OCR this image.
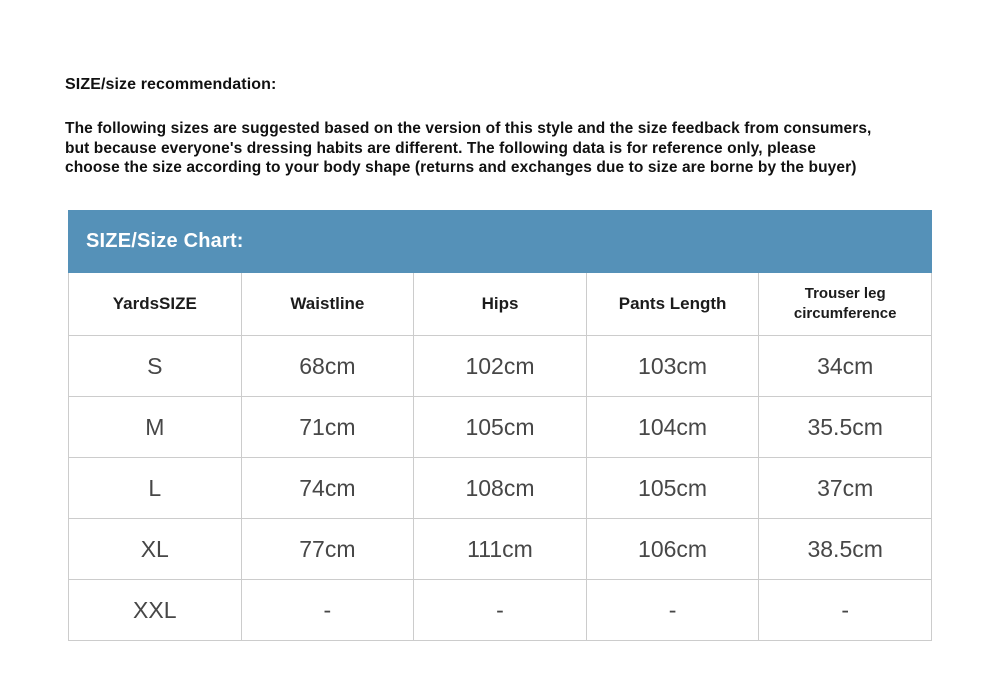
SIZE/size recommendation:
The following sizes are suggested based on the version of this style and the size feedback from consumers,
but because everyone's dressing habits are different. The following data is for reference only, please
choose the size according to your body shape (returns and exchanges due to size are borne by the buyer)
SIZE/Size Chart:
YardsSIZE	Waistline	Hips	Pants Length	Trouser leg circumference
S	68cm	102cm	103cm	34cm
M	71cm	105cm	104cm	35.5cm
L	74cm	108cm	105cm	37cm
XL	77cm	111cm	106cm	38.5cm
XXL	-	-	-	-
